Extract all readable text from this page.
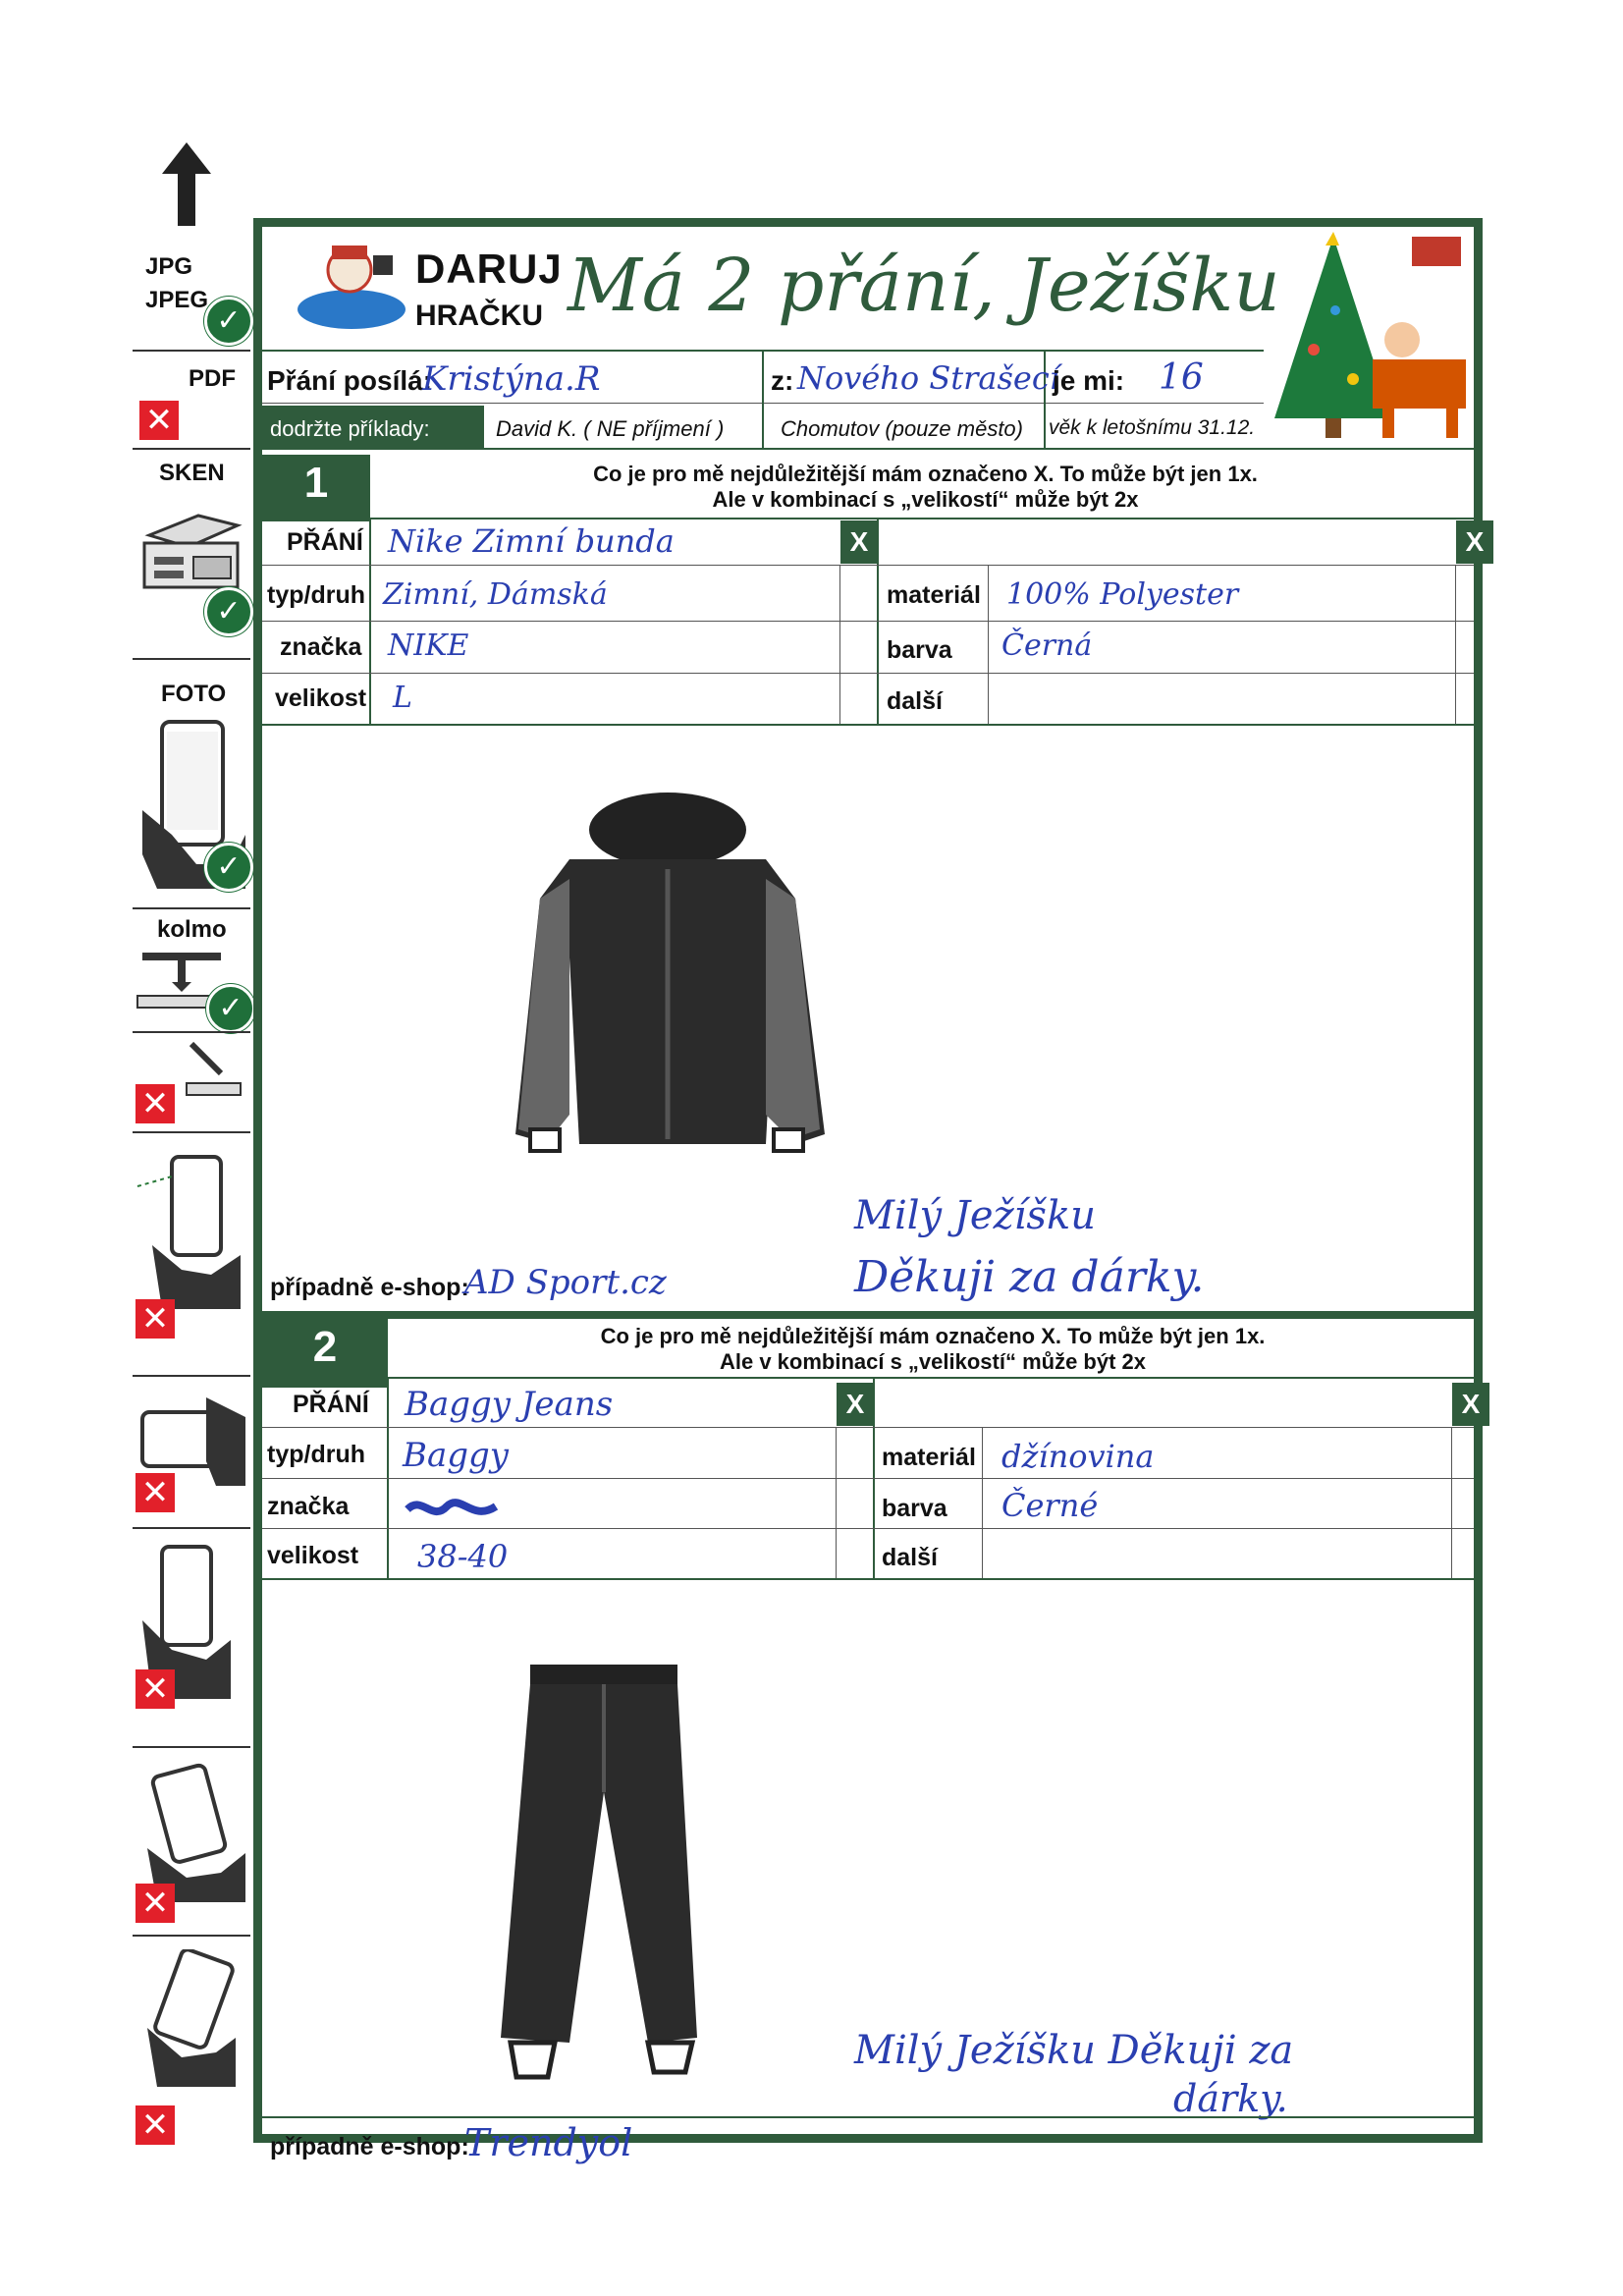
JPG
JPEG
✓
PDF
✕
SKEN
✓
FOTO
✓
kolmo
✓
✕
✕
✕
✕
✕
✕
DARUJ
HRAČKU Má 2 přání, Ježíšku
Přání posílá:
Kristýna.R	z: Nového Strašecí
je mi: 16
dodržte příklady:	David K. ( NE příjmení )	Chomutov (pouze město) věk k letošnímu 31.12.
1	Co je pro mě nejdůležitější mám označeno X. To může být jen 1x.
Ale v kombinací s „velikostí“ může být 2x
PŘÁNÍ Nike Zimní bunda	X	X
typ/druh Zimní, Dámská	materiál 100% Polyester
značka NIKE	barva Černá
velikost L	další
Milý Ježíšku
Děkuji za dárky.
případně e-shop:
AD Sport.cz
2	Co je pro mě nejdůležitější mám označeno X. To může být jen 1x.
Ale v kombinací s „velikostí“ může být 2x
PŘÁNÍ Baggy Jeans	X	X
typ/druh Baggy	materiál džínovina
značka	barva Černé
velikost 38-40	další
Milý Ježíšku Děkuji za
dárky.
případně e-shop:
Trendyol
